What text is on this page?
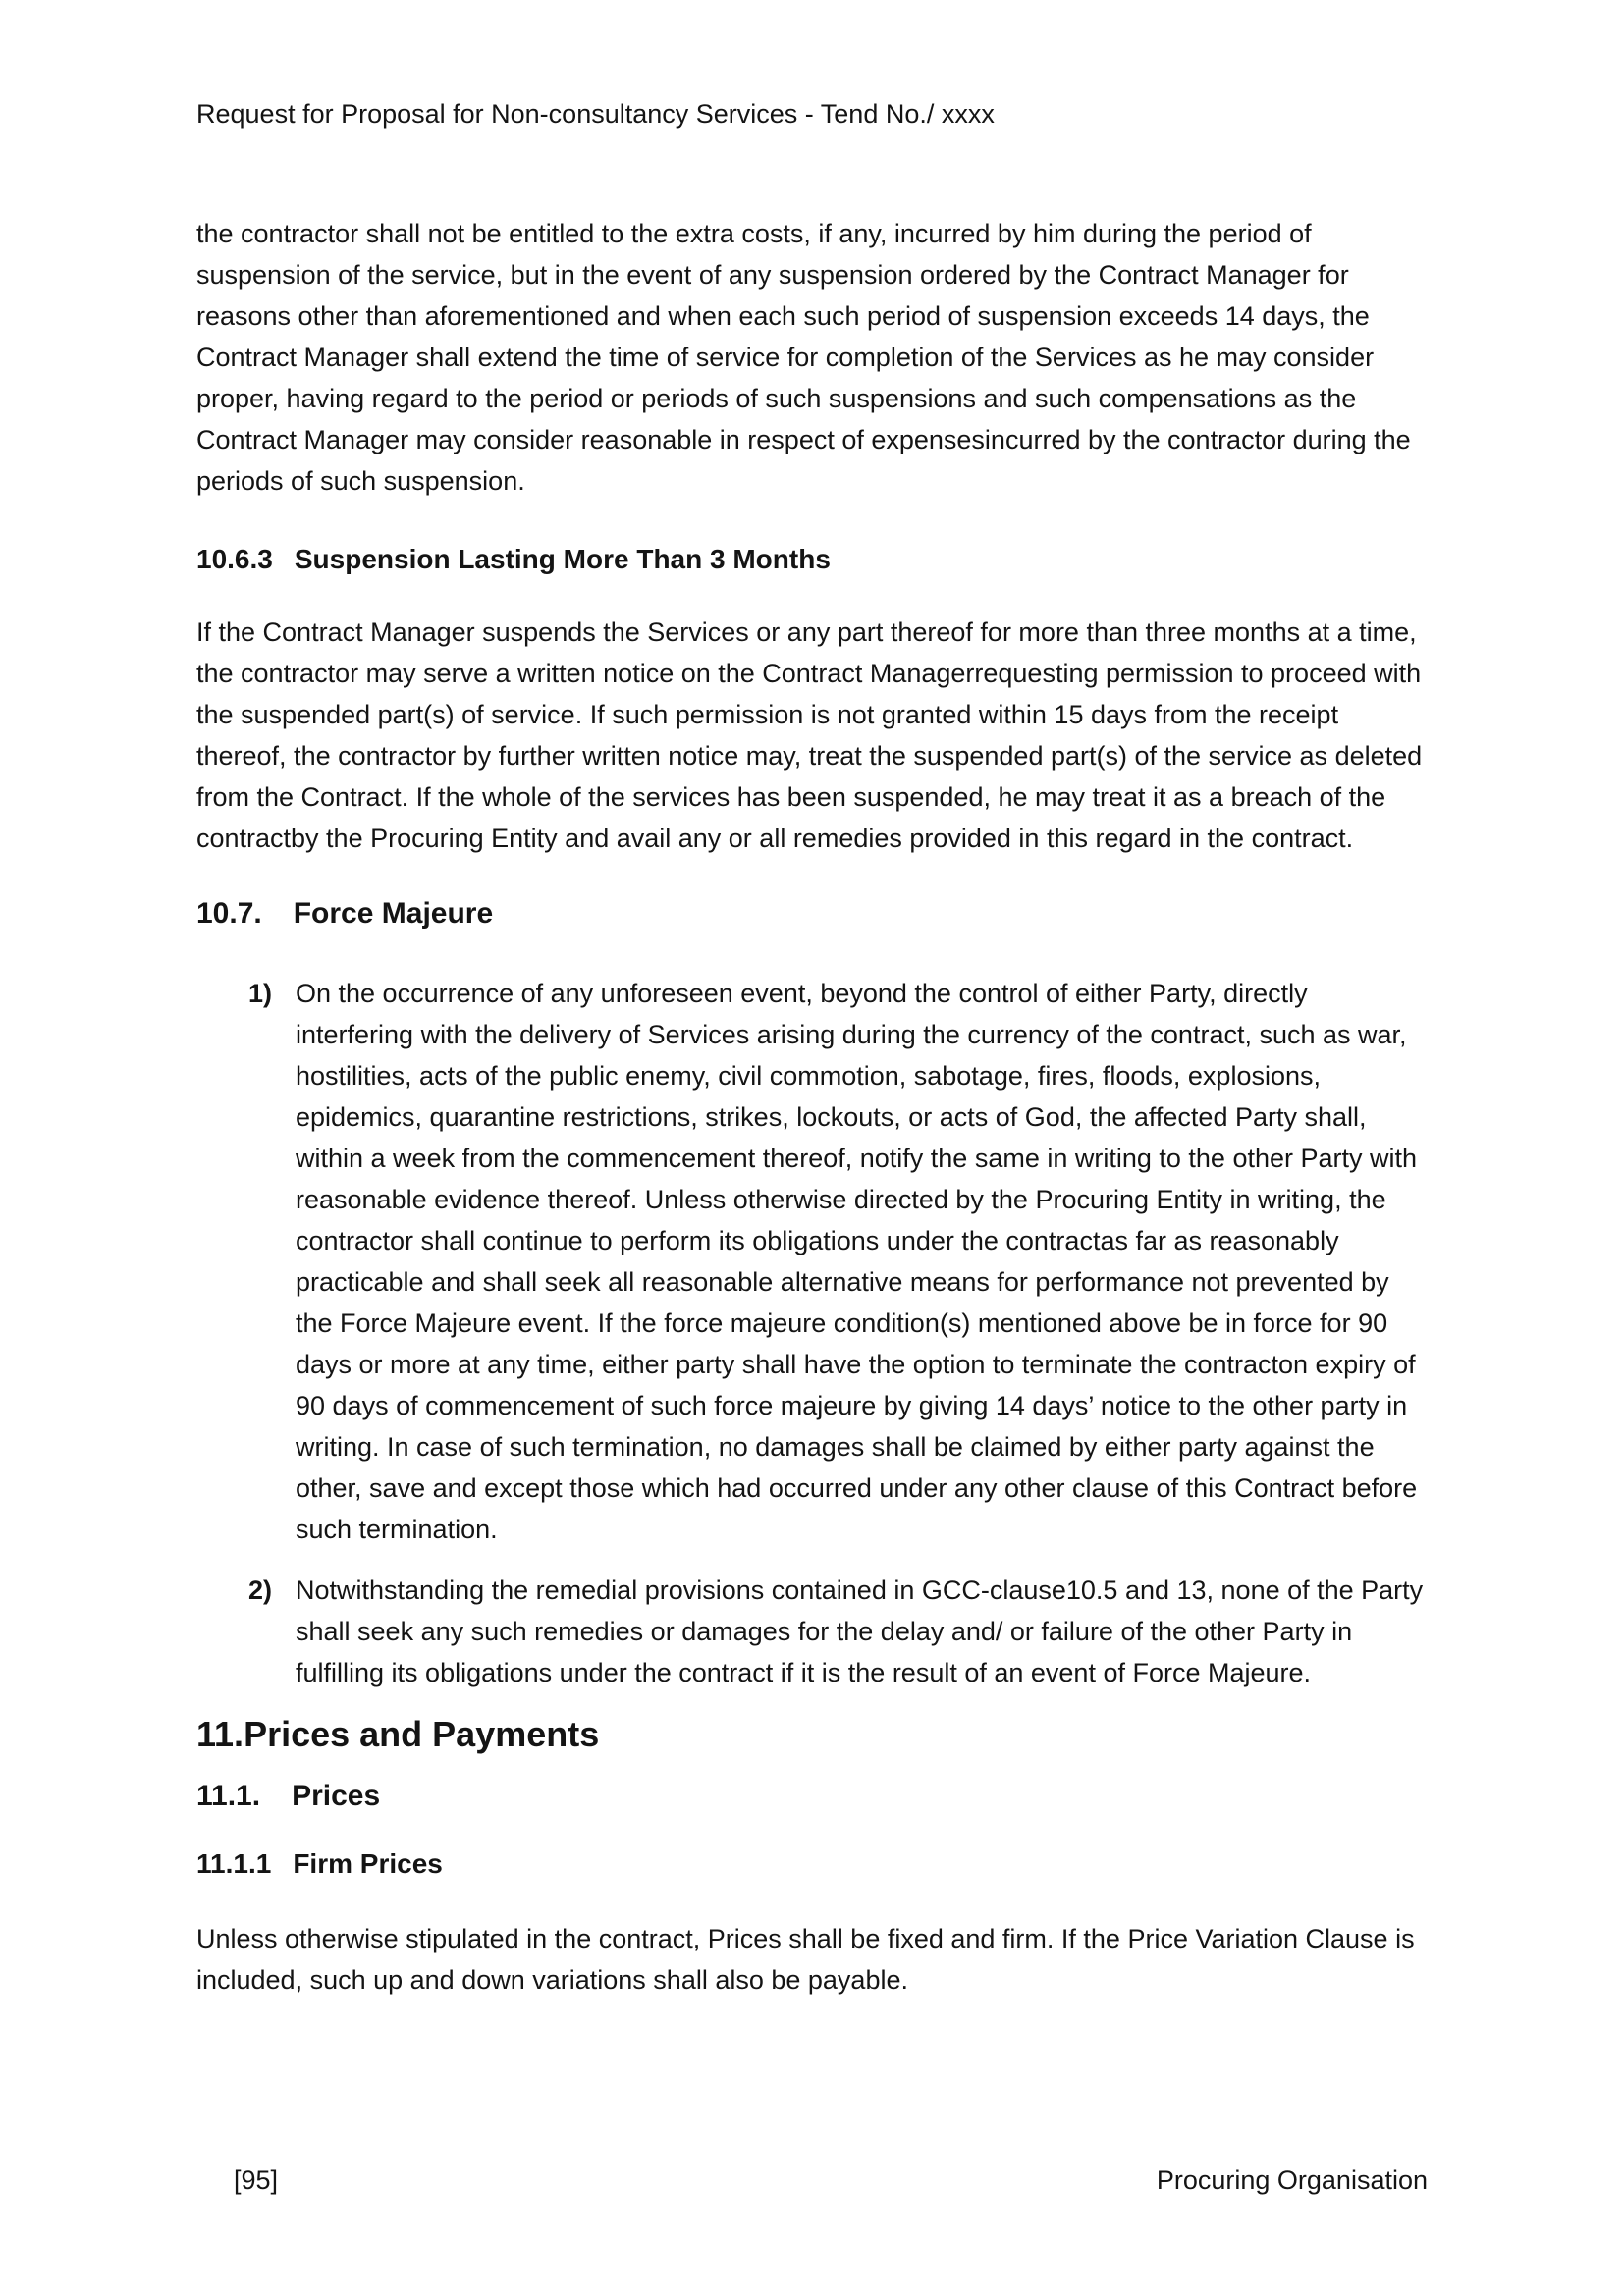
Request for Proposal for Non-consultancy Services - Tend No./ xxxx

the contractor shall not be entitled to the extra costs, if any, incurred by him during the period of suspension of the service, but in the event of any suspension ordered by the Contract Manager for reasons other than aforementioned and when each such period of suspension exceeds 14 days, the Contract Manager shall extend the time of service for completion of the Services as he may consider proper, having regard to the period or periods of such suspensions and such compensations as the Contract Manager may consider reasonable in respect of expensesincurred by the contractor during the periods of such suspension.

10.6.3 Suspension Lasting More Than 3 Months

If the Contract Manager suspends the Services or any part thereof for more than three months at a time, the contractor may serve a written notice on the Contract Managerrequesting permission to proceed with the suspended part(s) of service. If such permission is not granted within 15 days from the receipt thereof, the contractor by further written notice may, treat the suspended part(s) of the service as deleted from the Contract. If the whole of the services has been suspended, he may treat it as a breach of the contractby the Procuring Entity and avail any or all remedies provided in this regard in the contract.

10.7. Force Majeure
1) On the occurrence of any unforeseen event, beyond the control of either Party, directly interfering with the delivery of Services arising during the currency of the contract, such as war, hostilities, acts of the public enemy, civil commotion, sabotage, fires, floods, explosions, epidemics, quarantine restrictions, strikes, lockouts, or acts of God, the affected Party shall, within a week from the commencement thereof, notify the same in writing to the other Party with reasonable evidence thereof. Unless otherwise directed by the Procuring Entity in writing, the contractor shall continue to perform its obligations under the contractas far as reasonably practicable and shall seek all reasonable alternative means for performance not prevented by the Force Majeure event. If the force majeure condition(s) mentioned above be in force for 90 days or more at any time, either party shall have the option to terminate the contracton expiry of 90 days of commencement of such force majeure by giving 14 days’ notice to the other party in writing. In case of such termination, no damages shall be claimed by either party against the other, save and except those which had occurred under any other clause of this Contract before such termination.
2) Notwithstanding the remedial provisions contained in GCC-clause10.5 and 13, none of the Party shall seek any such remedies or damages for the delay and/ or failure of the other Party in fulfilling its obligations under the contract if it is the result of an event of Force Majeure.
11.Prices and Payments
11.1. Prices
11.1.1 Firm Prices

Unless otherwise stipulated in the contract, Prices shall be fixed and firm. If the Price Variation Clause is included, such up and down variations shall also be payable.

[95]	Procuring Organisation
